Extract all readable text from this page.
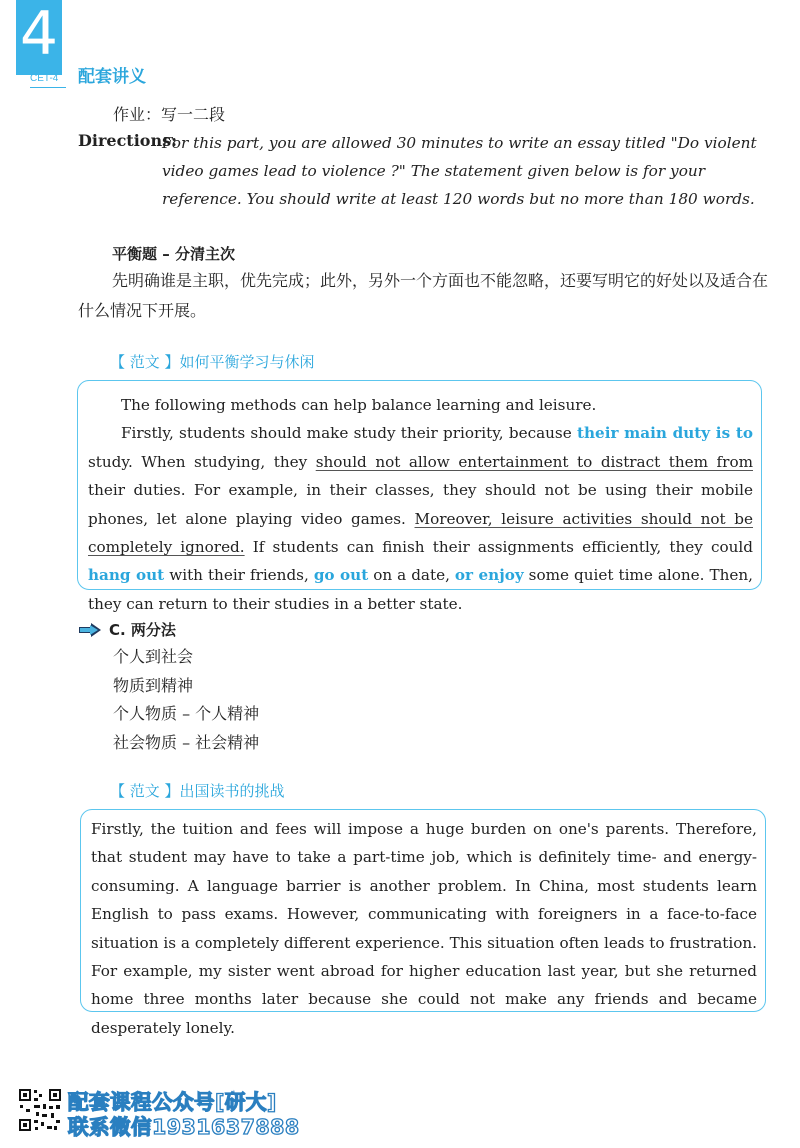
4
CET-4 配套讲义
作业：写一二段
Directions:

For this part, you are allowed 30 minutes to write an essay titled "Do violent video games lead to violence ?" The statement given below is for your reference. You should write at least 120 words but no more than 180 words.

平衡题 – 分清主次

先明确谁是主职，优先完成；此外，另外一个方面也不能忽略，还要写明它的好处以及适合在什么情况下开展。

【 范文 】如何平衡学习与休闲

The following methods can help balance learning and leisure.

Firstly, students should make study their priority, because their main duty is to study. When studying, they should not allow entertainment to distract them from their duties. For example, in their classes, they should not be using their mobile phones, let alone playing video games. Moreover, leisure activities should not be completely ignored. If students can finish their assignments efficiently, they could hang out with their friends, go out on a date, or enjoy some quiet time alone. Then, they can return to their studies in a better state.

C. 两分法
个人到社会
物质到精神
个人物质 – 个人精神
社会物质 – 社会精神
【 范文 】出国读书的挑战

Firstly, the tuition and fees will impose a huge burden on one's parents. Therefore, that student may have to take a part-time job, which is definitely time- and energy-consuming. A language barrier is another problem. In China, most students learn English to pass exams. However, communicating with foreigners in a face-to-face situation is a completely different experience. This situation often leads to frustration. For example, my sister went abroad for higher education last year, but she returned home three months later because she could not make any friends and became desperately lonely.

配套课程公众号[研大]
联系微信1931637888
